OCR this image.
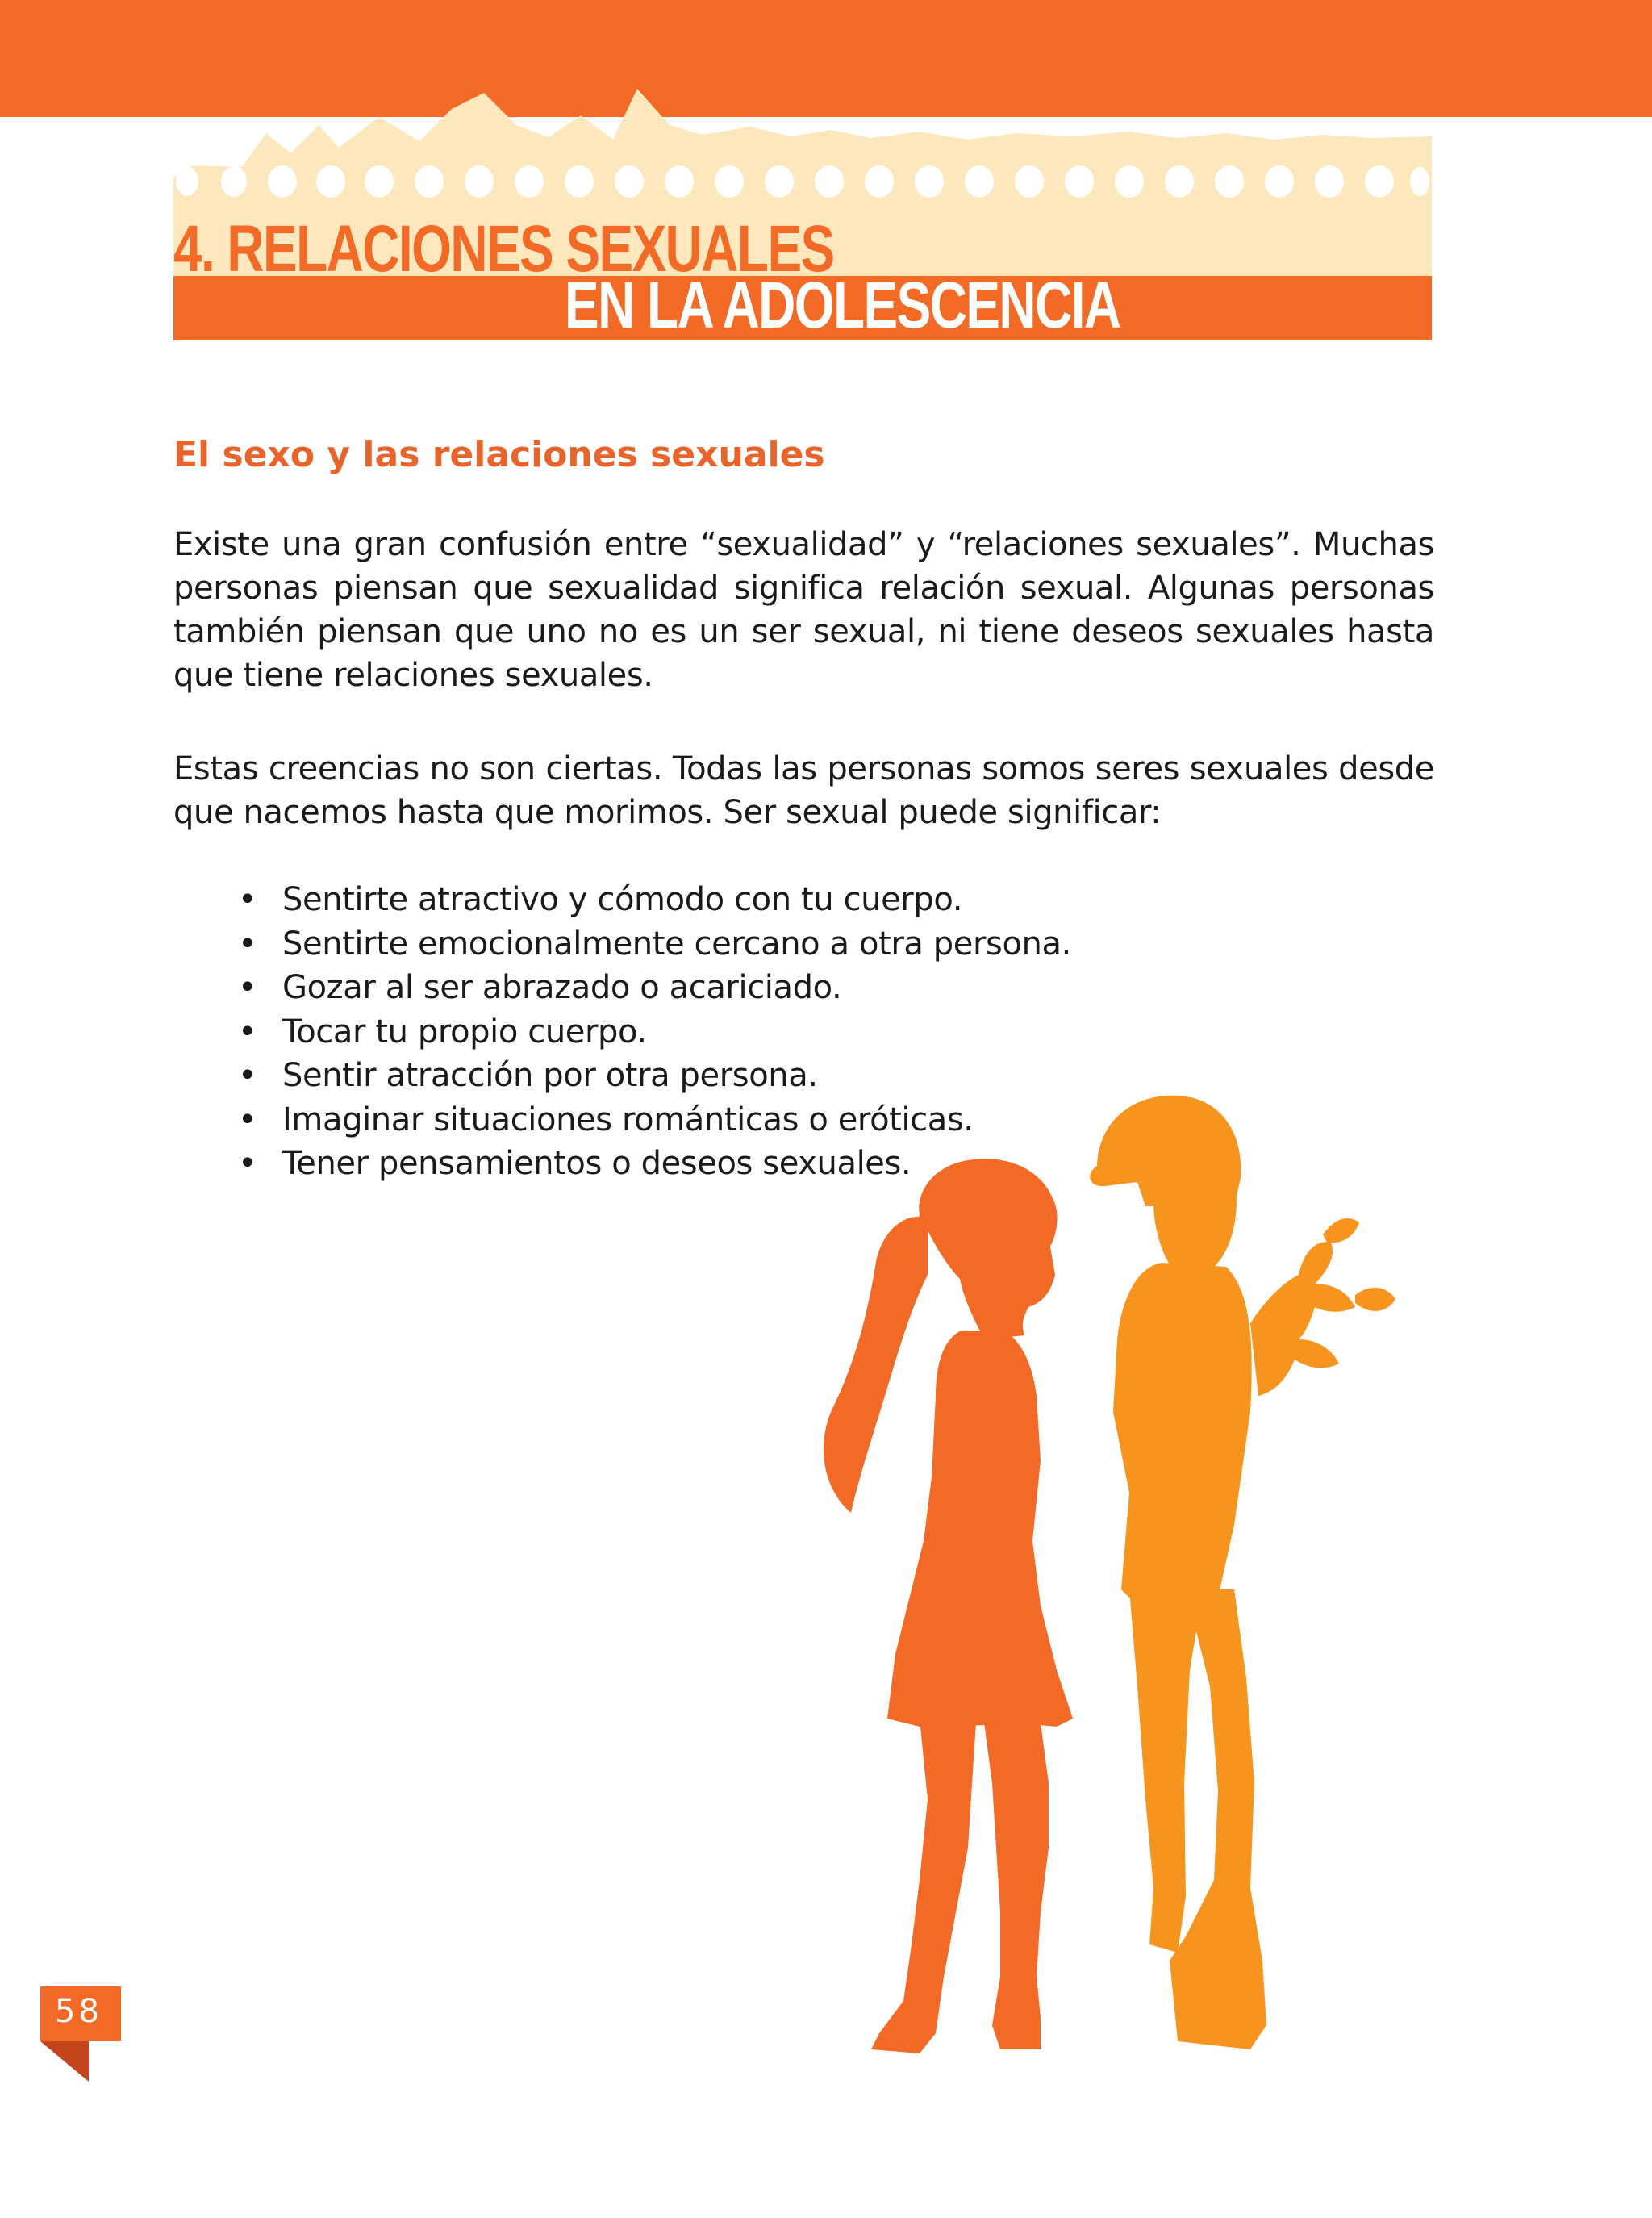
4. RELACIONES SEXUALES
EN LA ADOLESCENCIA
El sexo y las relaciones sexuales

Existe una gran confusión entre “sexualidad” y “relaciones sexuales”. Muchas personas piensan que sexualidad significa relación sexual. Algunas personas también piensan que uno no es un ser sexual, ni tiene deseos sexuales hasta que tiene relaciones sexuales.

Estas creencias no son ciertas. Todas las personas somos seres sexuales desde que nacemos hasta que morimos. Ser sexual puede significar:

• Sentirte atractivo y cómodo con tu cuerpo.
• Sentirte emocionalmente cercano a otra persona.
• Gozar al ser abrazado o acariciado.
• Tocar tu propio cuerpo.
• Sentir atracción por otra persona.
• Imaginar situaciones románticas o eróticas.
• Tener pensamientos o deseos sexuales.

58
